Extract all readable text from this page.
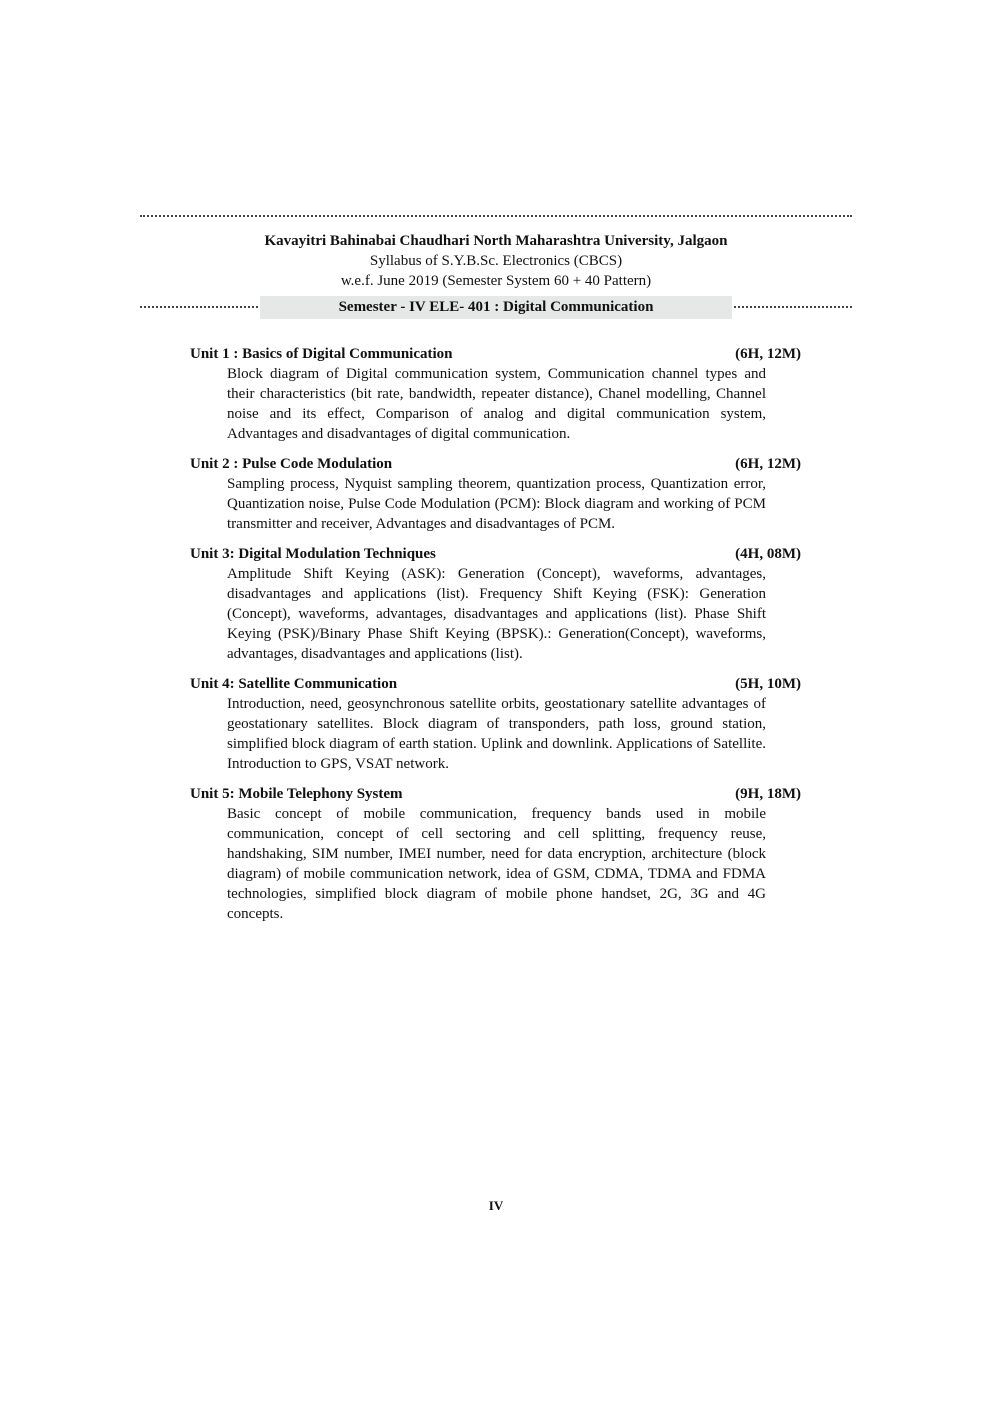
Kavayitri Bahinabai Chaudhari North Maharashtra University, Jalgaon
Syllabus of S.Y.B.Sc. Electronics (CBCS)
w.e.f. June 2019 (Semester System 60 + 40 Pattern)
Semester - IV ELE- 401 : Digital Communication
Unit 1 : Basics of Digital Communication	(6H, 12M)
Block diagram of Digital communication system, Communication channel types and their characteristics (bit rate, bandwidth, repeater distance), Chanel modelling, Channel noise and its effect, Comparison of analog and digital communication system, Advantages and disadvantages of digital communication.
Unit 2 : Pulse Code Modulation	(6H, 12M)
Sampling process, Nyquist sampling theorem, quantization process, Quantization error, Quantization noise, Pulse Code Modulation (PCM): Block diagram and working of PCM transmitter and receiver, Advantages and disadvantages of PCM.
Unit 3: Digital Modulation Techniques	(4H, 08M)
Amplitude Shift Keying (ASK): Generation (Concept), waveforms, advantages, disadvantages and applications (list). Frequency Shift Keying (FSK): Generation (Concept), waveforms, advantages, disadvantages and applications (list). Phase Shift Keying (PSK)/Binary Phase Shift Keying (BPSK).: Generation(Concept), waveforms, advantages, disadvantages and applications (list).
Unit 4: Satellite Communication	(5H, 10M)
Introduction, need, geosynchronous satellite orbits, geostationary satellite advantages of geostationary satellites. Block diagram of transponders, path loss, ground station, simplified block diagram of earth station. Uplink and downlink. Applications of Satellite. Introduction to GPS, VSAT network.
Unit 5: Mobile Telephony System	(9H, 18M)
Basic concept of mobile communication, frequency bands used in mobile communication, concept of cell sectoring and cell splitting, frequency reuse, handshaking, SIM number, IMEI number, need for data encryption, architecture (block diagram) of mobile communication network, idea of GSM, CDMA, TDMA and FDMA technologies, simplified block diagram of mobile phone handset, 2G, 3G and 4G concepts.
IV
